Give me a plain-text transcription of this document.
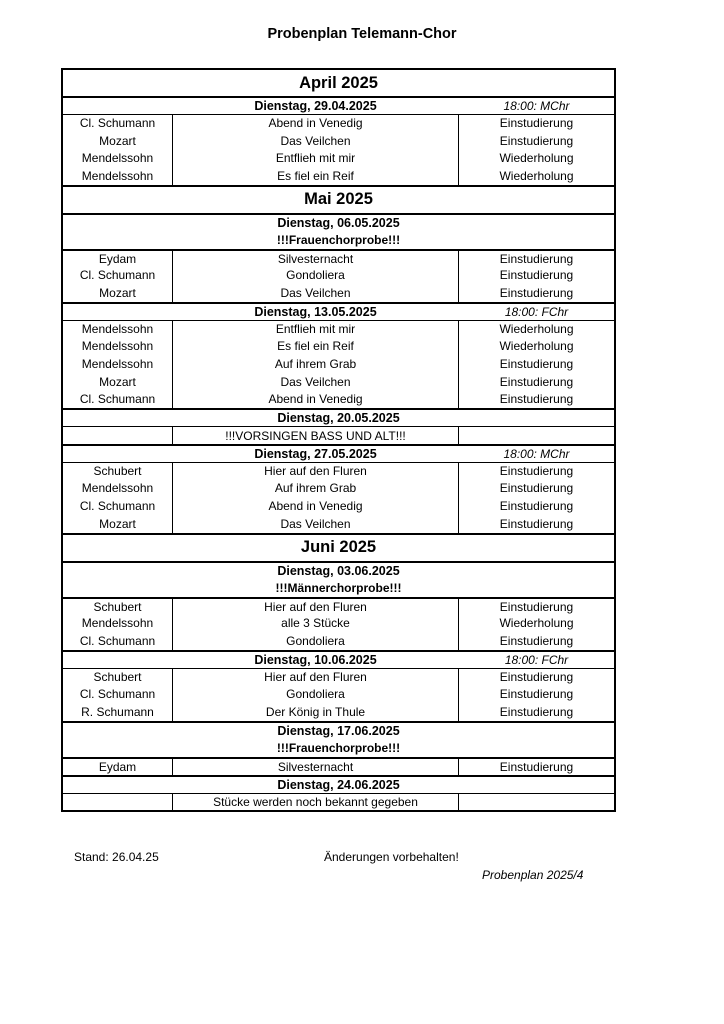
Probenplan Telemann-Chor
April 2025
Dienstag, 29.04.2025	18:00: MChr
Cl. Schumann	Abend in Venedig	Einstudierung
Mozart	Das Veilchen	Einstudierung
Mendelssohn	Entflieh mit mir	Wiederholung
Mendelssohn	Es fiel ein Reif	Wiederholung
Mai 2025
Dienstag, 06.05.2025
!!!Frauenchorprobe!!!
Eydam	Silvesternacht	Einstudierung
Cl. Schumann	Gondoliera	Einstudierung
Mozart	Das Veilchen	Einstudierung
Dienstag, 13.05.2025	18:00: FChr
Mendelssohn	Entflieh mit mir	Wiederholung
Mendelssohn	Es fiel ein Reif	Wiederholung
Mendelssohn	Auf ihrem Grab	Einstudierung
Mozart	Das Veilchen	Einstudierung
Cl. Schumann	Abend in Venedig	Einstudierung
Dienstag, 20.05.2025
!!!VORSINGEN BASS UND ALT!!!
Dienstag, 27.05.2025	18:00: MChr
Schubert	Hier auf den Fluren	Einstudierung
Mendelssohn	Auf ihrem Grab	Einstudierung
Cl. Schumann	Abend in Venedig	Einstudierung
Mozart	Das Veilchen	Einstudierung
Juni 2025
Dienstag, 03.06.2025
!!!Männerchorprobe!!!
Schubert	Hier auf den Fluren	Einstudierung
Mendelssohn	alle 3 Stücke	Wiederholung
Cl. Schumann	Gondoliera	Einstudierung
Dienstag, 10.06.2025	18:00: FChr
Schubert	Hier auf den Fluren	Einstudierung
Cl. Schumann	Gondoliera	Einstudierung
R. Schumann	Der König in Thule	Einstudierung
Dienstag, 17.06.2025
!!!Frauenchorprobe!!!
Eydam	Silvesternacht	Einstudierung
Dienstag, 24.06.2025
Stücke werden noch bekannt gegeben
Stand: 26.04.25	Änderungen vorbehalten!
Probenplan 2025/4
